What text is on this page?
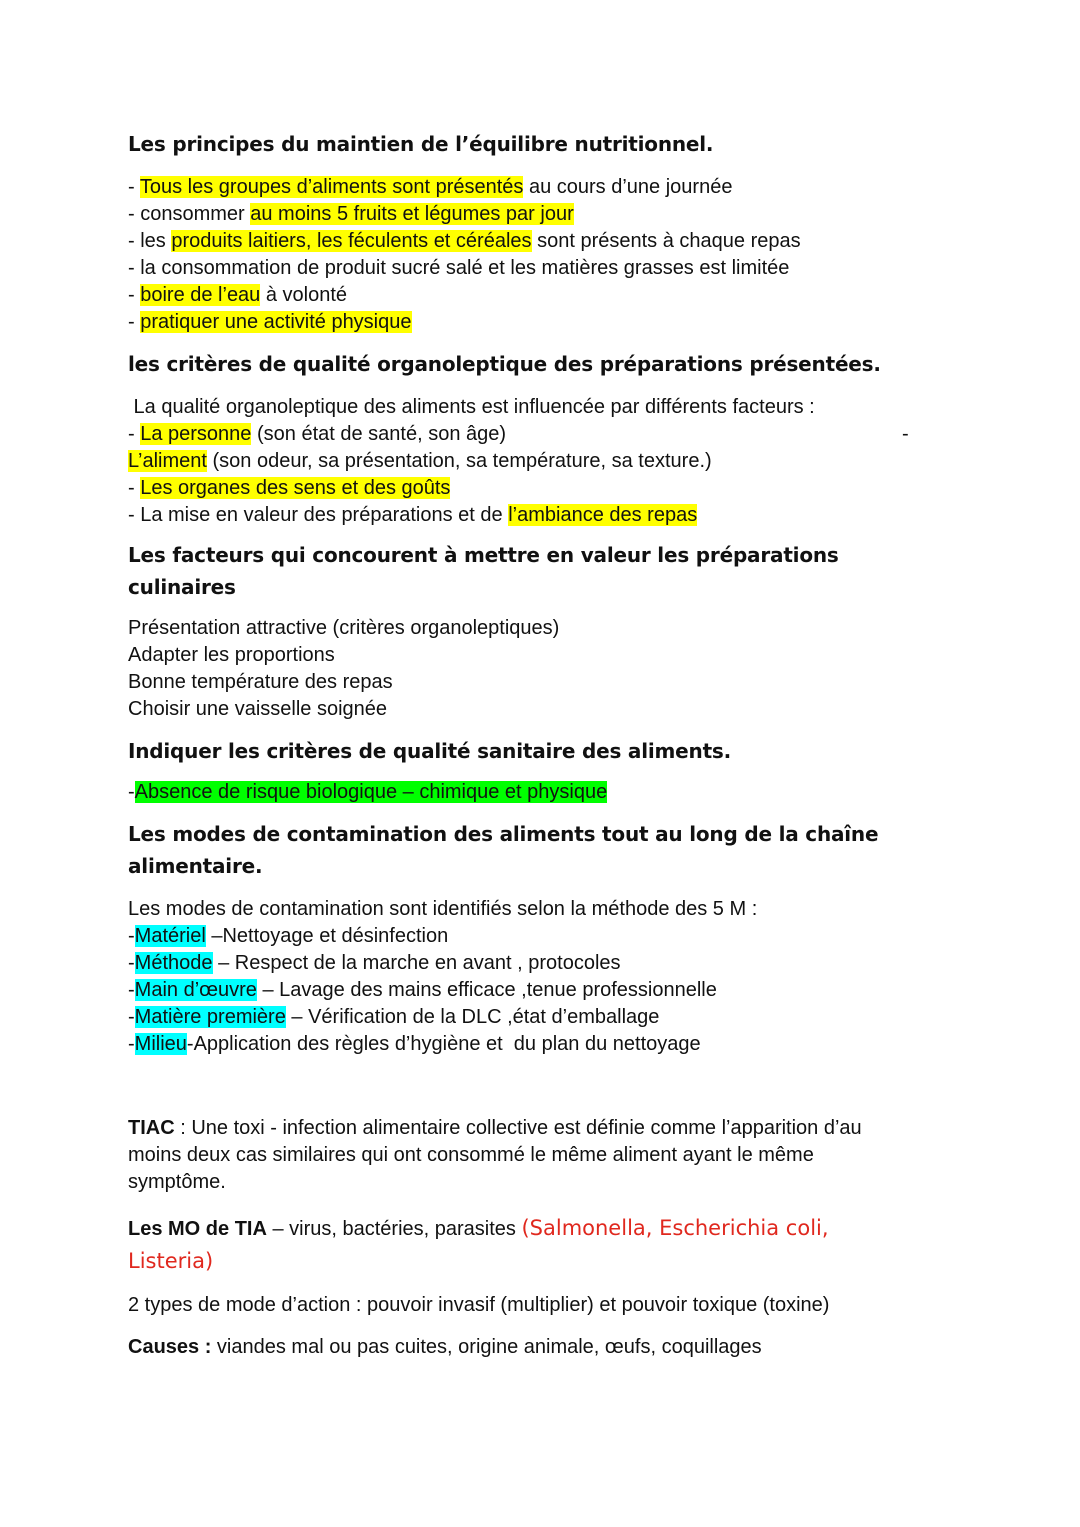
Les principes du maintien de l’équilibre nutritionnel.
- Tous les groupes d’aliments sont présentés au cours d’une journée
- consommer au moins 5 fruits et légumes par jour
- les produits laitiers, les féculents et céréales sont présents à chaque repas
- la consommation de produit sucré salé et les matières grasses est limitée
- boire de l’eau à volonté
- pratiquer une activité physique
les critères de qualité organoleptique des préparations présentées.
La qualité organoleptique des aliments est influencée par différents facteurs :
- La personne (son état de santé, son âge)	-
L’aliment (son odeur, sa présentation, sa température, sa texture.)
- Les organes des sens et des goûts
- La mise en valeur des préparations et de l’ambiance des repas
Les facteurs qui concourent à mettre en valeur les préparations culinaires
Présentation attractive (critères organoleptiques)
Adapter les proportions
Bonne température des repas
Choisir une vaisselle soignée
Indiquer les critères de qualité sanitaire des aliments.
-Absence de risque biologique – chimique et physique
Les modes de contamination des aliments tout au long de la chaîne
alimentaire.
Les modes de contamination sont identifiés selon la méthode des 5 M :
-Matériel –Nettoyage et désinfection
-Méthode – Respect de la marche en avant , protocoles
-Main d’œuvre – Lavage des mains efficace ,tenue professionnelle
-Matière première – Vérification de la DLC ,état d’emballage
-Milieu-Application des règles d’hygiène et  du plan du nettoyage
TIAC : Une toxi - infection alimentaire collective est définie comme l’apparition d’au
moins deux cas similaires qui ont consommé le même aliment ayant le même
symptôme.
Les MO de TIA – virus, bactéries, parasites (Salmonella, Escherichia coli,
Listeria)
2 types de mode d’action : pouvoir invasif (multiplier) et pouvoir toxique (toxine)
Causes : viandes mal ou pas cuites, origine animale, œufs, coquillages
